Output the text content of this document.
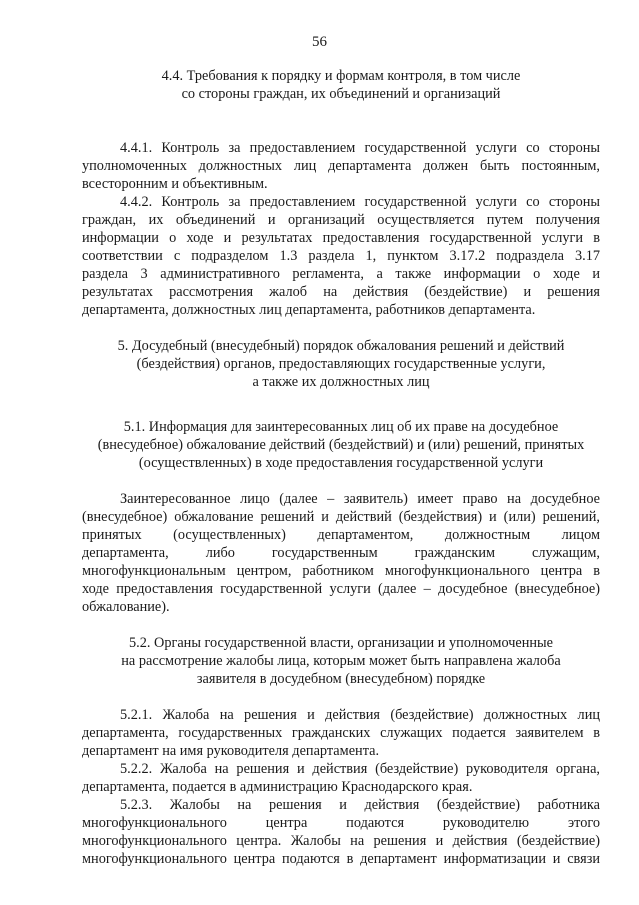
56
4.4. Требования к порядку и формам контроля, в том числе
со стороны граждан, их объединений и организаций
4.4.1. Контроль за предоставлением государственной услуги со стороны
уполномоченных должностных лиц департамента должен быть постоянным,
всесторонним и объективным.
4.4.2. Контроль за предоставлением государственной услуги со стороны
граждан, их объединений и организаций осуществляется путем получения
информации о ходе и результатах предоставления государственной услуги в
соответствии с подразделом 1.3 раздела 1, пунктом 3.17.2 подраздела 3.17
раздела 3 административного регламента, а также информации о ходе и
результатах рассмотрения жалоб на действия (бездействие) и решения
департамента, должностных лиц департамента, работников департамента.
5. Досудебный (внесудебный) порядок обжалования решений и действий
(бездействия) органов, предоставляющих государственные услуги,
а также их должностных лиц
5.1. Информация для заинтересованных лиц об их праве на досудебное
(внесудебное) обжалование действий (бездействий) и (или) решений, принятых
(осуществленных) в ходе предоставления государственной услуги
Заинтересованное лицо (далее – заявитель) имеет право на досудебное
(внесудебное) обжалование решений и действий (бездействия) и (или) решений,
принятых (осуществленных) департаментом, должностным лицом
департамента, либо государственным гражданским служащим,
многофункциональным центром, работником многофункционального центра в
ходе предоставления государственной услуги (далее – досудебное (внесудебное)
обжалование).
5.2. Органы государственной власти, организации и уполномоченные
на рассмотрение жалобы лица, которым может быть направлена жалоба
заявителя в досудебном (внесудебном) порядке
5.2.1. Жалоба на решения и действия (бездействие) должностных лиц
департамента, государственных гражданских служащих подается заявителем в
департамент на имя руководителя департамента.
5.2.2. Жалоба на решения и действия (бездействие) руководителя органа,
департамента, подается в администрацию Краснодарского края.
5.2.3. Жалобы на решения и действия (бездействие) работника
многофункционального центра подаются руководителю этого
многофункционального центра. Жалобы на решения и действия (бездействие)
многофункционального центра подаются в департамент информатизации и связи
